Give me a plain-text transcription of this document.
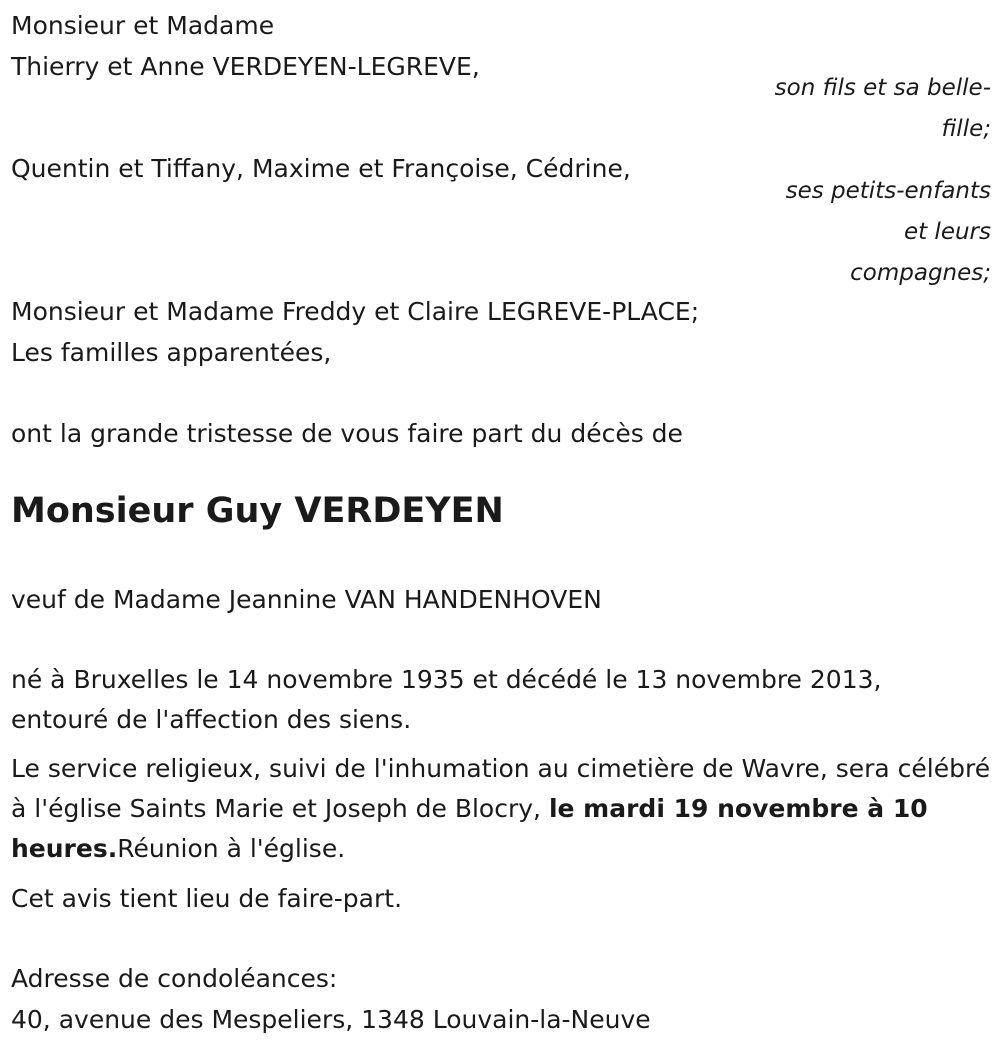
Monsieur et Madame
Thierry et Anne VERDEYEN-LEGREVE,
son fils et sa belle-
fille;
Quentin et Tiffany, Maxime et Françoise, Cédrine,
ses petits-enfants
et leurs
compagnes;
Monsieur et Madame Freddy et Claire LEGREVE-PLACE;
Les familles apparentées,
ont la grande tristesse de vous faire part du décès de
Monsieur Guy VERDEYEN
veuf de Madame Jeannine VAN HANDENHOVEN
né à Bruxelles le 14 novembre 1935 et décédé le 13 novembre 2013,
entouré de l'affection des siens.
Le service religieux, suivi de l'inhumation au cimetière de Wavre, sera célébré à l'église Saints Marie et Joseph de Blocry, le mardi 19 novembre à 10 heures.Réunion à l'église.
Cet avis tient lieu de faire-part.
Adresse de condoléances:
40, avenue des Mespeliers, 1348 Louvain-la-Neuve
